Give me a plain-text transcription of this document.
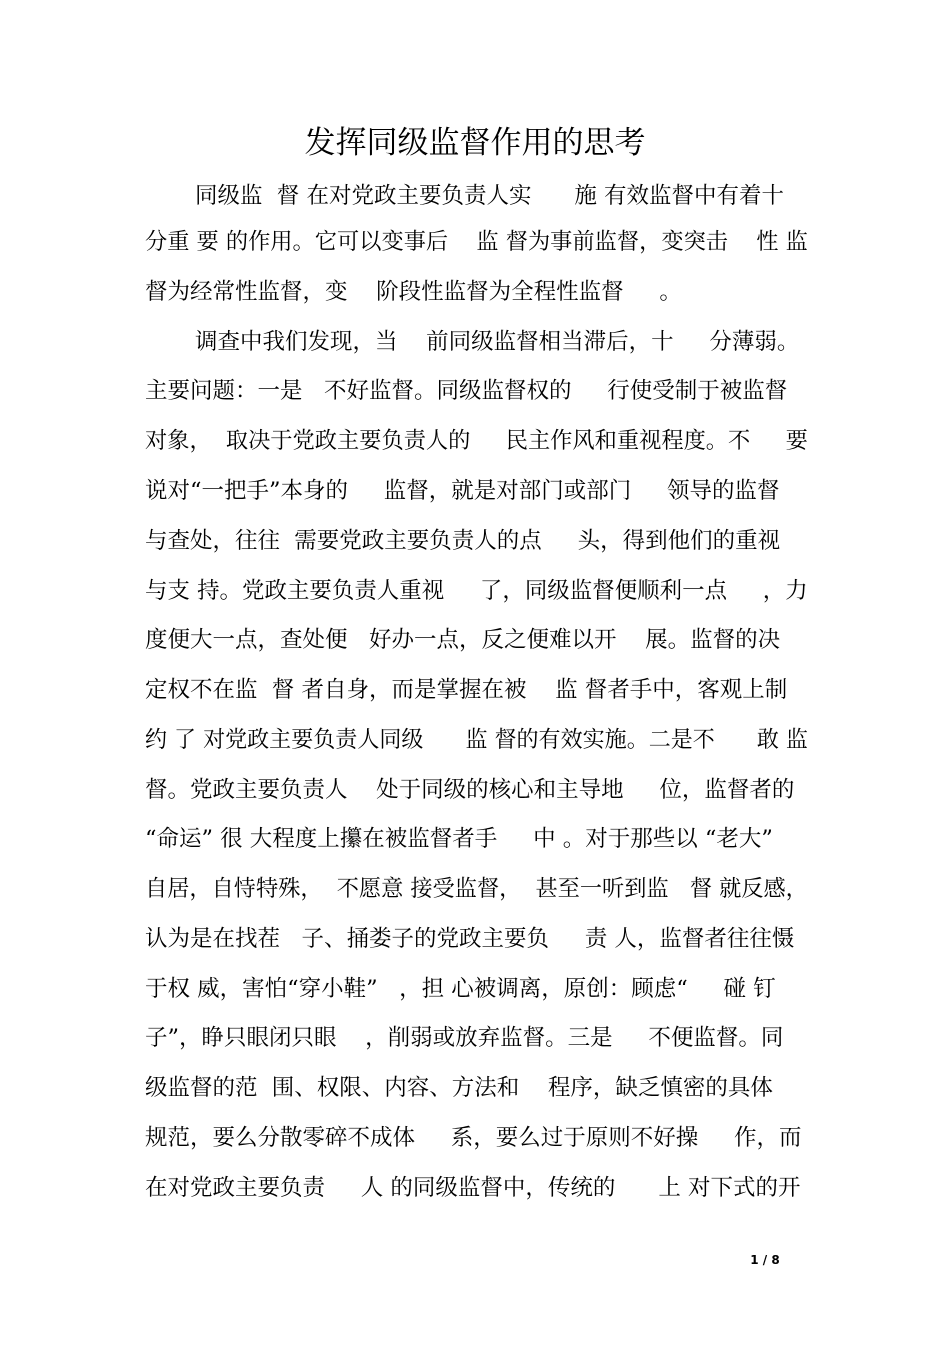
发挥同级监督作用的思考
同级监  督 在对党政主要负责人实      施 有效监督中有着十
分重 要 的作用。它可以变事后    监 督为事前监督，变突击    性 监
督为经常性监督，变    阶段性监督为全程性监督     。
调查中我们发现，当    前同级监督相当滞后，十     分薄弱。
主要问题：一是   不好监督。同级监督权的     行使受制于被监督
对象，  取决于党政主要负责人的     民主作风和重视程度。不     要
说对“一把手”本身的     监督，就是对部门或部门     领导的监督
与查处，往往  需要党政主要负责人的点     头，得到他们的重视
与支 持。党政主要负责人重视     了，同级监督便顺利一点     ，力
度便大一点，查处便   好办一点，反之便难以开    展。监督的决
定权不在监  督 者自身，而是掌握在被    监 督者手中，客观上制
约 了 对党政主要负责人同级      监 督的有效实施。二是不      敢 监
督。党政主要负责人    处于同级的核心和主导地     位，监督者的
“命运” 很 大程度上攥在被监督者手     中 。对于那些以 “老大”
自居，自恃特殊，  不愿意 接受监督，  甚至一听到监   督 就反感，
认为是在找茬   子、捅娄子的党政主要负     责 人，监督者往往慑
于权 威，害怕“穿小鞋”   ，担 心被调离，原创：顾虑“     碰 钉
子”，睁只眼闭只眼    ，削弱或放弃监督。三是     不便监督。同
级监督的范  围、权限、内容、方法和    程序，缺乏慎密的具体
规范，要么分散零碎不成体     系，要么过于原则不好操     作，而
在对党政主要负责     人 的同级监督中，传统的      上 对下式的开
1 / 8
